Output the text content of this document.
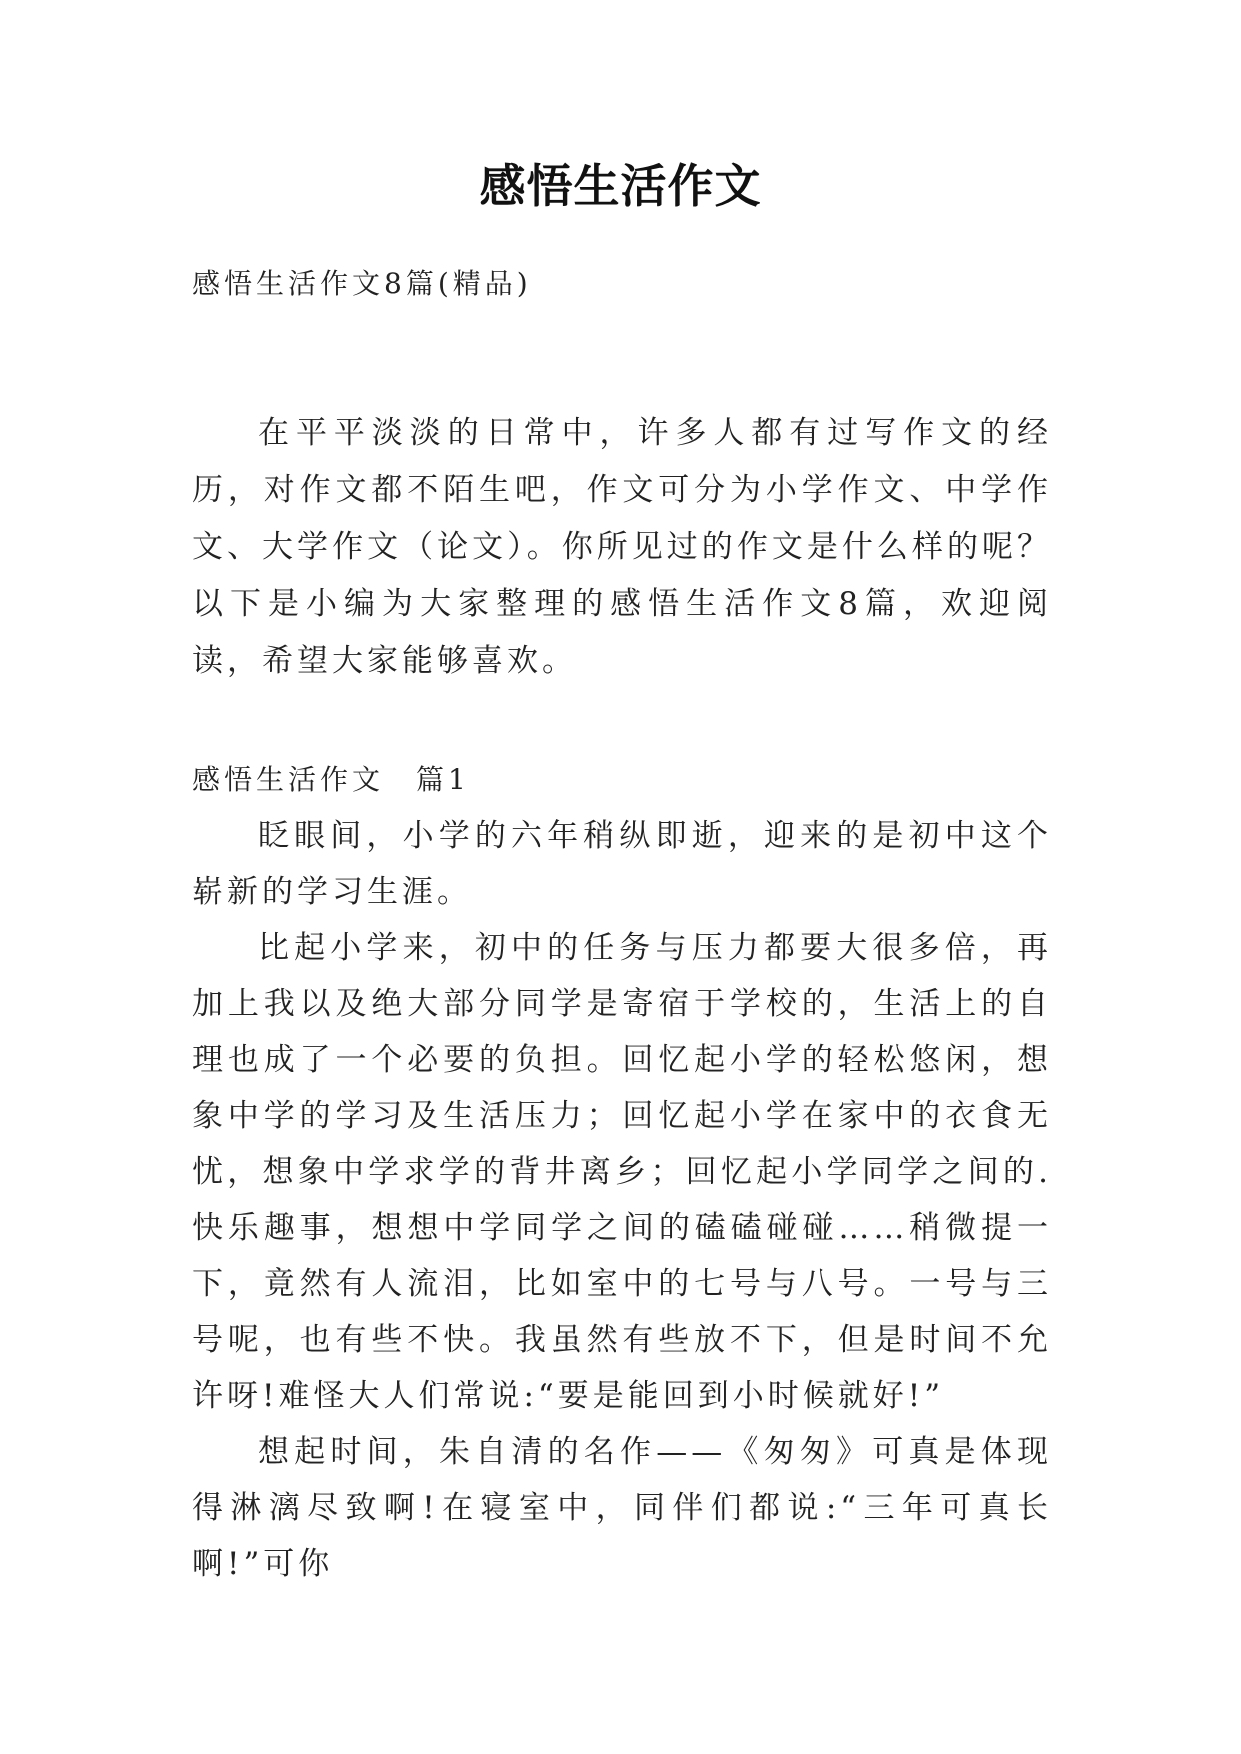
感悟生活作文
感悟生活作文8篇(精品)

在平平淡淡的日常中，许多人都有过写作文的经历，对作文都不陌生吧，作文可分为小学作文、中学作文、大学作文（论文）。你所见过的作文是什么样的呢？以下是小编为大家整理的感悟生活作文8篇，欢迎阅读，希望大家能够喜欢。

感悟生活作文　篇1

眨眼间，小学的六年稍纵即逝，迎来的是初中这个崭新的学习生涯。

比起小学来，初中的任务与压力都要大很多倍，再加上我以及绝大部分同学是寄宿于学校的，生活上的自理也成了一个必要的负担。回忆起小学的轻松悠闲，想象中学的学习及生活压力；回忆起小学在家中的衣食无忧，想象中学求学的背井离乡；回忆起小学同学之间的.快乐趣事，想想中学同学之间的磕磕碰碰……稍微提一下，竟然有人流泪，比如室中的七号与八号。一号与三号呢，也有些不快。我虽然有些放不下，但是时间不允许呀!难怪大人们常说:“要是能回到小时候就好!”

想起时间，朱自清的名作——《匆匆》可真是体现得淋漓尽致啊!在寝室中，同伴们都说:“三年可真长啊!”可你
